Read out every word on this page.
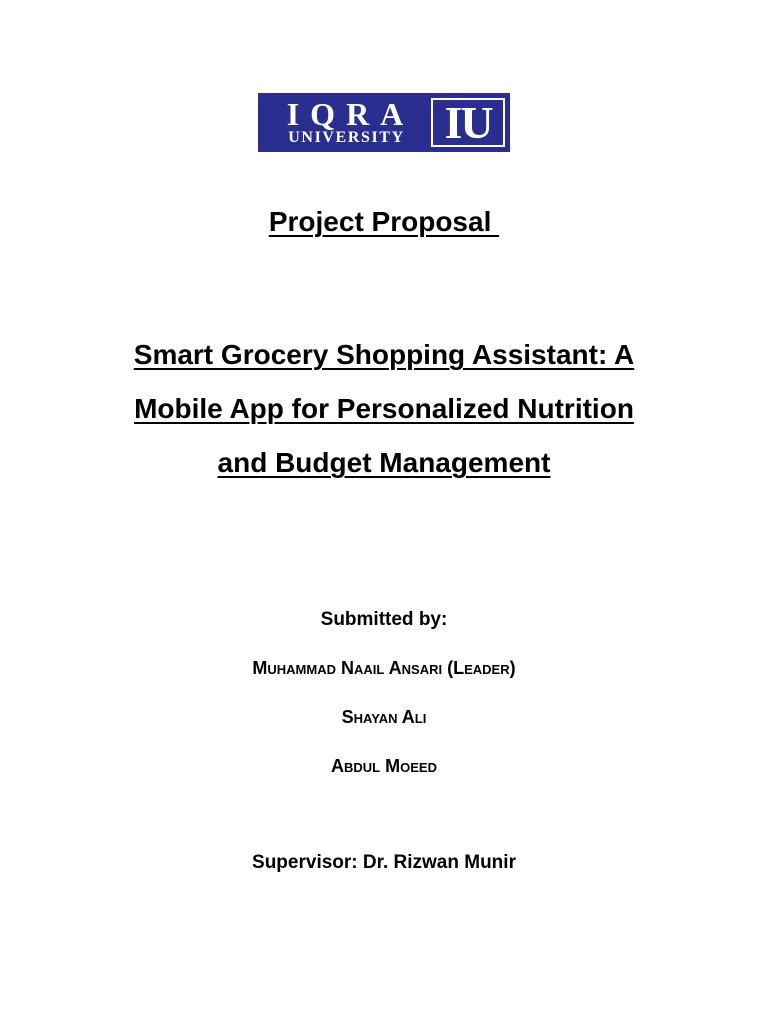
IQRA
UNIVERSITY IU
Project Proposal
Smart Grocery Shopping Assistant: A
Mobile App for Personalized Nutrition
and Budget Management
Submitted by:
Muhammad Naail Ansari (Leader)
Shayan Ali
Abdul Moeed
Supervisor: Dr. Rizwan Munir
